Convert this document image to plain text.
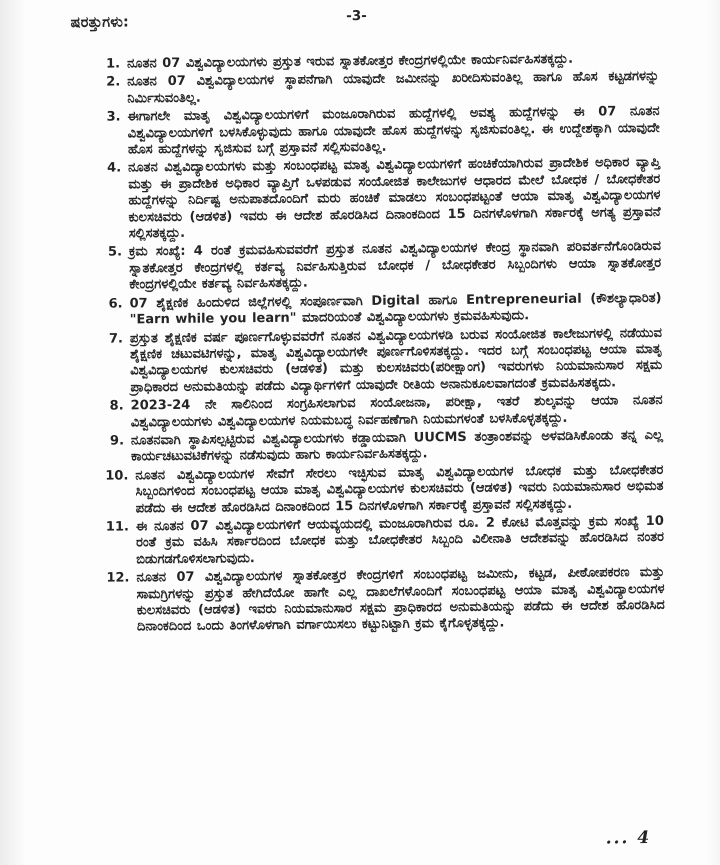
ಷರತ್ತುಗಳು:	-3-
1. ನೂತನ 07 ವಿಶ್ವವಿದ್ಯಾಲಯಗಳು ಪ್ರಸ್ತುತ ಇರುವ ಸ್ನಾತಕೋತ್ತರ ಕೇಂದ್ರಗಳಲ್ಲಿಯೇ ಕಾರ್ಯನಿರ್ವಹಿಸತಕ್ಕದ್ದು.
2. ನೂತನ 07 ವಿಶ್ವವಿದ್ಯಾಲಯಗಳ ಸ್ಥಾಪನೆಗಾಗಿ ಯಾವುದೇ ಜಮೀನನ್ನು ಖರೀದಿಸುವಂತಿಲ್ಲ ಹಾಗೂ ಹೊಸ ಕಟ್ಟಡಗಳನ್ನು ನಿರ್ಮಿಸುವಂತಿಲ್ಲ.
3. ಈಗಾಗಲೇ ಮಾತೃ ವಿಶ್ವವಿದ್ಯಾಲಯಗಳಿಗೆ ಮಂಜೂರಾಗಿರುವ ಹುದ್ದೆಗಳಲ್ಲಿ ಅವಶ್ಯ ಹುದ್ದೆಗಳನ್ನು ಈ 07 ನೂತನ ವಿಶ್ವವಿದ್ಯಾಲಯಗಳಿಗೆ ಬಳಸಿಕೊಳ್ಳುವುದು ಹಾಗೂ ಯಾವುದೇ ಹೊಸ ಹುದ್ದೆಗಳನ್ನು ಸೃಜಿಸುವಂತಿಲ್ಲ. ಈ ಉದ್ದೇಶಕ್ಕಾಗಿ ಯಾವುದೇ ಹೊಸ ಹುದ್ದೆಗಳನ್ನು ಸೃಜಿಸುವ ಬಗ್ಗೆ ಪ್ರಸ್ತಾವನೆ ಸಲ್ಲಿಸುವಂತಿಲ್ಲ.
4. ನೂತನ ವಿಶ್ವವಿದ್ಯಾಲಯಗಳು ಮತ್ತು ಸಂಬಂಧಪಟ್ಟ ಮಾತೃ ವಿಶ್ವವಿದ್ಯಾಲಯಗಳಿಗೆ ಹಂಚಿಕೆಯಾಗಿರುವ ಪ್ರಾದೇಶಿಕ ಅಧಿಕಾರ ವ್ಯಾಪ್ತಿ ಮತ್ತು ಈ ಪ್ರಾದೇಶಿಕ ಅಧಿಕಾರ ವ್ಯಾಪ್ತಿಗೆ ಒಳಪಡುವ ಸಂಯೋಜಿತ ಕಾಲೇಜುಗಳ ಆಧಾರದ ಮೇಲೆ ಬೋಧಕ / ಬೋಧಕೇತರ ಹುದ್ದೆಗಳನ್ನು ನಿರ್ದಿಷ್ಟ ಅನುಪಾತದೊಂದಿಗೆ ಮರು ಹಂಚಿಕೆ ಮಾಡಲು ಸಂಬಂಧಪಟ್ಟಂತೆ ಆಯಾ ಮಾತೃ ವಿಶ್ವವಿದ್ಯಾಲಯಗಳ ಕುಲಸಚಿವರು (ಆಡಳಿತ) ಇವರು ಈ ಆದೇಶ ಹೊರಡಿಸಿದ ದಿನಾಂಕದಿಂದ 15 ದಿನಗಳೊಳಗಾಗಿ ಸರ್ಕಾರಕ್ಕೆ ಅಗತ್ಯ ಪ್ರಸ್ತಾವನೆ ಸಲ್ಲಿಸತಕ್ಕದ್ದು.
5. ಕ್ರಮ ಸಂಖ್ಯೆ: 4 ರಂತೆ ಕ್ರಮವಹಿಸುವವರೆಗೆ ಪ್ರಸ್ತುತ ನೂತನ ವಿಶ್ವವಿದ್ಯಾಲಯಗಳ ಕೇಂದ್ರ ಸ್ಥಾನವಾಗಿ ಪರಿವರ್ತನೆಗೊಂಡಿರುವ ಸ್ನಾತಕೋತ್ತರ ಕೇಂದ್ರಗಳಲ್ಲಿ ಕರ್ತವ್ಯ ನಿರ್ವಹಿಸುತ್ತಿರುವ ಬೋಧಕ / ಬೋಧಕೇತರ ಸಿಬ್ಬಂದಿಗಳು ಆಯಾ ಸ್ನಾತಕೋತ್ತರ ಕೇಂದ್ರಗಳಲ್ಲಿಯೇ ಕರ್ತವ್ಯ ನಿರ್ವಹಿಸತಕ್ಕದ್ದು.
6. 07 ಶೈಕ್ಷಣಿಕ ಹಿಂದುಳಿದ ಜಿಲ್ಲೆಗಳಲ್ಲಿ ಸಂಪೂರ್ಣವಾಗಿ Digital ಹಾಗೂ Entrepreneurial (ಕೌಶಲ್ಯಾಧಾರಿತ) "Earn while you learn" ಮಾದರಿಯಂತೆ ವಿಶ್ವವಿದ್ಯಾಲಯಗಳು ಕ್ರಮವಹಿಸುವುದು.
7. ಪ್ರಸ್ತುತ ಶೈಕ್ಷಣಿಕ ವರ್ಷ ಪೂರ್ಣಗೊಳ್ಳುವವರೆಗೆ ನೂತನ ವಿಶ್ವವಿದ್ಯಾಲಯಗಳಡಿ ಬರುವ ಸಂಯೋಜಿತ ಕಾಲೇಜುಗಳಲ್ಲಿ ನಡೆಯುವ ಶೈಕ್ಷಣಿಕ ಚಟುವಟಿಗಳನ್ನು, ಮಾತೃ ವಿಶ್ವವಿದ್ಯಾಲಯಗಳೇ ಪೂರ್ಣಗೊಳಿಸತಕ್ಕದ್ದು. ಇದರ ಬಗ್ಗೆ ಸಂಬಂಧಪಟ್ಟ ಆಯಾ ಮಾತೃ ವಿಶ್ವವಿದ್ಯಾಲಯಗಳ ಕುಲಸಚಿವರು (ಆಡಳಿತ) ಮತ್ತು ಕುಲಸಚಿವರು(ಪರೀಕ್ಷಾಂಗ) ಇವರುಗಳು ನಿಯಮಾನುಸಾರ ಸಕ್ಷಮ ಪ್ರಾಧಿಕಾರದ ಅನುಮತಿಯನ್ನು ಪಡೆದು ವಿದ್ಯಾರ್ಥಿಗಳಿಗೆ ಯಾವುದೇ ರೀತಿಯ ಅನಾನುಕೂಲವಾಗದಂತೆ ಕ್ರಮವಹಿಸತಕ್ಕದು.
8. 2023-24 ನೇ ಸಾಲಿನಿಂದ ಸಂಗ್ರಹಿಸಲಾಗುವ ಸಂಯೋಜನಾ, ಪರೀಕ್ಷಾ, ಇತರೆ ಶುಲ್ಕವನ್ನು ಆಯಾ ನೂತನ ವಿಶ್ವವಿದ್ಯಾಲಯಗಳು ವಿಶ್ವವಿದ್ಯಾಲಯಗಳ ನಿಯಮಬದ್ಧ ನಿರ್ವಹಣೆಗಾಗಿ ನಿಯಮಗಳಂತೆ ಬಳಸಿಕೊಳ್ಳತಕ್ಕದ್ದು.
9. ನೂತನವಾಗಿ ಸ್ಥಾಪಿಸಲ್ಪಟ್ಟಿರುವ ವಿಶ್ವವಿದ್ಯಾಲಯಗಳು ಕಡ್ಡಾಯವಾಗಿ UUCMS ತಂತ್ರಾಂಶವನ್ನು ಅಳವಡಿಸಿಕೊಂಡು ತನ್ನ ಎಲ್ಲ ಕಾರ್ಯಚಟುವಟಿಕೆಗಳನ್ನು ನಡೆಸುವುದು ಹಾಗು ಕಾರ್ಯನಿರ್ವಹಿಸತಕ್ಕದ್ದು.
10. ನೂತನ ವಿಶ್ವವಿದ್ಯಾಲಯಗಳ ಸೇವೆಗೆ ಸೇರಲು ಇಚ್ಛಿಸುವ ಮಾತೃ ವಿಶ್ವವಿದ್ಯಾಲಯಗಳ ಬೋಧಕ ಮತ್ತು ಬೋಧಕೇತರ ಸಿಬ್ಬಂದಿಗಳಿಂದ ಸಂಬಂಧಪಟ್ಟ ಆಯಾ ಮಾತೃ ವಿಶ್ವವಿದ್ಯಾಲಯಗಳ ಕುಲಸಚಿವರು (ಆಡಳಿತ) ಇವರು ನಿಯಮಾನುಸಾರ ಅಭಿಮತ ಪಡೆದು ಈ ಆದೇಶ ಹೊರಡಿಸಿದ ದಿನಾಂಕದಿಂದ 15 ದಿನಗಳೊಳಗಾಗಿ ಸರ್ಕಾರಕ್ಕೆ ಪ್ರಸ್ತಾವನೆ ಸಲ್ಲಿಸತಕ್ಕದ್ದು.
11. ಈ ನೂತನ 07 ವಿಶ್ವವಿದ್ಯಾಲಯಗಳಿಗೆ ಆಯವ್ಯಯದಲ್ಲಿ ಮಂಜೂರಾಗಿರುವ ರೂ. 2 ಕೋಟಿ ಮೊತ್ತವನ್ನು ಕ್ರಮ ಸಂಖ್ಯೆ 10 ರಂತೆ ಕ್ರಮ ವಹಿಸಿ ಸರ್ಕಾರದಿಂದ ಬೋಧಕ ಮತ್ತು ಬೋಧಕೇತರ ಸಿಬ್ಬಂದಿ ವಿಲೀನಾತಿ ಆದೇಶವನ್ನು ಹೊರಡಿಸಿದ ನಂತರ ಬಿಡುಗಡಗೊಳಿಸಲಾಗುವುದು.
12. ನೂತನ 07 ವಿಶ್ವವಿದ್ಯಾಲಯಗಳ ಸ್ನಾತಕೋತ್ತರ ಕೇಂದ್ರಗಳಿಗೆ ಸಂಬಂಧಪಟ್ಟ ಜಮೀನು, ಕಟ್ಟಡ, ಪೀಠೋಪಕರಣ ಮತ್ತು ಸಾಮಗ್ರಿಗಳನ್ನು ಪ್ರಸ್ತುತ ಹೇಗಿದೆಯೋ ಹಾಗೇ ಎಲ್ಲ ದಾಖಲೆಗಳೊಂದಿಗೆ ಸಂಬಂಧಪಟ್ಟ ಆಯಾ ಮಾತೃ ವಿಶ್ವವಿದ್ಯಾಲಯಗಳ ಕುಲಸಚಿವರು (ಆಡಳಿತ) ಇವರು ನಿಯಮಾನುಸಾರ ಸಕ್ಷಮ ಪ್ರಾಧಿಕಾರದ ಅನುಮತಿಯನ್ನು ಪಡೆದು ಈ ಆದೇಶ ಹೊರಡಿಸಿದ ದಿನಾಂಕದಿಂದ ಒಂದು ತಿಂಗಳೊಳಗಾಗಿ ವರ್ಗಾಯಿಸಲು ಕಟ್ಟುನಿಟ್ಟಾಗಿ ಕ್ರಮ ಕೈಗೊಳ್ಳತಕ್ಕದ್ದು.
... 4
